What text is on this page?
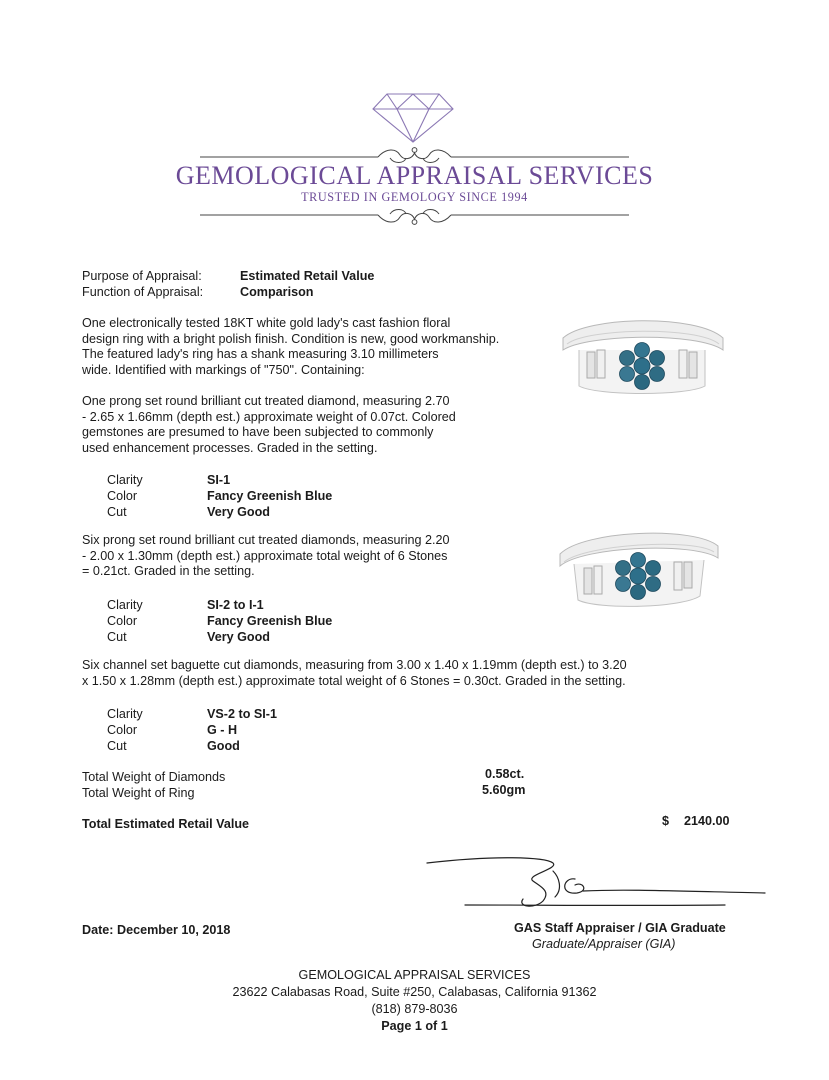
GEMOLOGICAL APPRAISAL SERVICES
TRUSTED IN GEMOLOGY SINCE 1994
Purpose of Appraisal:	Estimated Retail Value
Function of Appraisal:	Comparison
One electronically tested 18KT white gold lady's cast fashion floral
design ring with a bright polish finish. Condition is new, good workmanship.
The featured lady's ring has a shank measuring 3.10 millimeters
wide. Identified with markings of "750". Containing:
One prong set round brilliant cut treated diamond, measuring 2.70
- 2.65 x 1.66mm (depth est.) approximate weight of 0.07ct. Colored
gemstones are presumed to have been subjected to commonly
used enhancement processes. Graded in the setting.
Clarity	SI-1
Color	Fancy Greenish Blue
Cut	Very Good
Six prong set round brilliant cut treated diamonds, measuring 2.20
- 2.00 x 1.30mm (depth est.) approximate total weight of 6 Stones
= 0.21ct. Graded in the setting.
Clarity	SI-2 to I-1
Color	Fancy Greenish Blue
Cut	Very Good
Six channel set baguette cut diamonds, measuring from 3.00 x 1.40 x 1.19mm (depth est.) to 3.20
x 1.50 x 1.28mm (depth est.) approximate total weight of 6 Stones = 0.30ct. Graded in the setting.
Clarity	VS-2 to SI-1
Color	G - H
Cut	Good
Total Weight of Diamonds	0.58ct.
Total Weight of Ring	5.60gm
Total Estimated Retail Value	$ 2140.00
Date: December 10, 2018	GAS Staff Appraiser / GIA Graduate
Graduate/Appraiser (GIA)
GEMOLOGICAL APPRAISAL SERVICES
23622 Calabasas Road, Suite #250, Calabasas, California 91362
(818) 879-8036
Page 1 of 1
